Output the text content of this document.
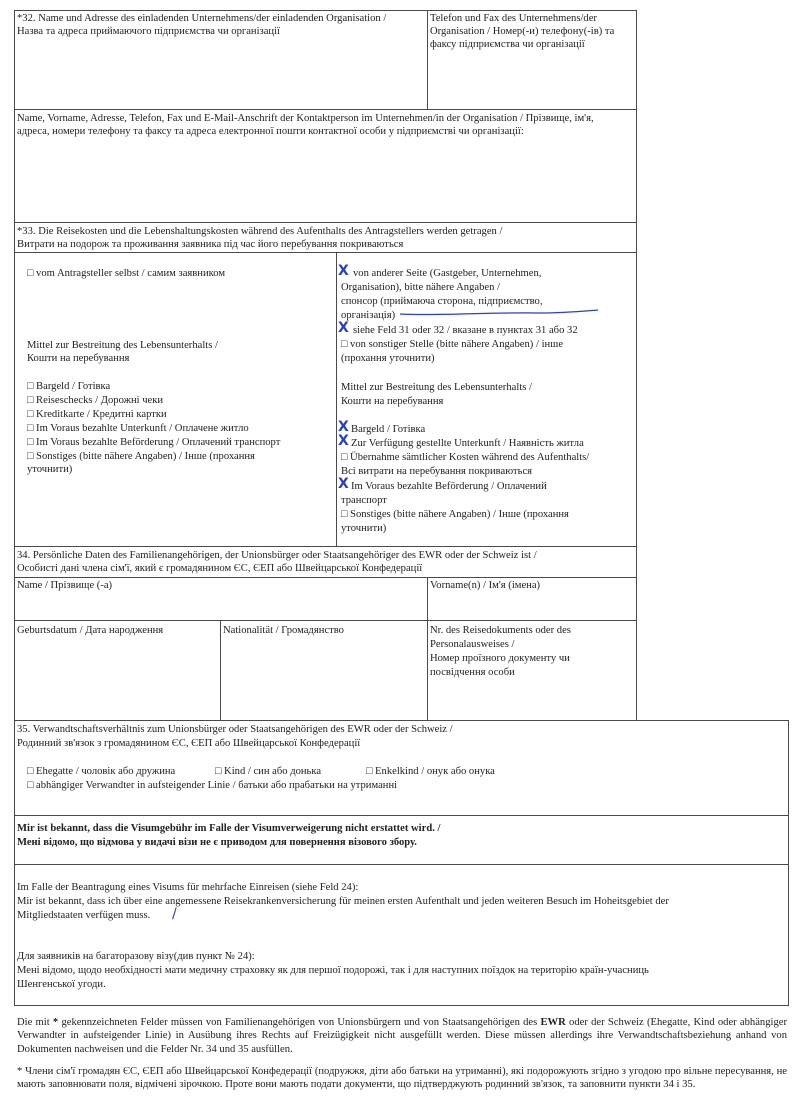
*32. Name und Adresse des einladenden Unternehmens/der einladenden Organisation / Назва та адреса приймаючого підприємства чи організації
Telefon und Fax des Unternehmens/der Organisation / Номер(-и) телефону(-ів) та факсу підприємства чи організації
Name, Vorname, Adresse, Telefon, Fax und E-Mail-Anschrift der Kontaktperson im Unternehmen/in der Organisation / Прізвище, ім'я, адреса, номери телефону та факсу та адреса електронної пошти контактної особи у підприємстві чи організації:
*33. Die Reisekosten und die Lebenshaltungskosten während des Aufenthalts des Antragstellers werden getragen /
Витрати на подорож та проживання заявника під час його перебування покриваються
□ vom Antragsteller selbst / самим заявником
Mittel zur Bestreitung des Lebensunterhalts /
Кошти на перебування
□ Bargeld / Готівка
□ Reiseschecks / Дорожні чеки
□ Kreditkarte / Кредитні картки
□ Im Voraus bezahlte Unterkunft / Оплачене житло
□ Im Voraus bezahlte Beförderung / Оплачений транспорт
□ Sonstiges (bitte nähere Angaben) / Інше (прохання
уточнити)
X von anderer Seite (Gastgeber, Unternehmen,
Organisation), bitte nähere Angaben /
спонсор (приймаюча сторона, підприємство,
організація)
X siehe Feld 31 oder 32 / вказане в пунктах 31 або 32
□ von sonstiger Stelle (bitte nähere Angaben) / інше
(прохання уточнити)
Mittel zur Bestreitung des Lebensunterhalts /
Кошти на перебування
X Bargeld / Готівка
X Zur Verfügung gestellte Unterkunft / Наявність житла
□ Übernahme sämtlicher Kosten während des Aufenthalts/
Всі витрати на перебування покриваються
X Im Voraus bezahlte Beförderung / Оплачений
транспорт
□ Sonstiges (bitte nähere Angaben) / Інше (прохання
уточнити)
34. Persönliche Daten des Familienangehörigen, der Unionsbürger oder Staatsangehöriger des EWR oder der Schweiz ist /
Особисті дані члена сім'ї, який є громадянином ЄС, ЄЕП або Швейцарської Конфедерації
Name / Прізвище (-а)	Vorname(n) / Ім'я (імена)
Geburtsdatum / Дата народження	Nationalität / Громадянство	Nr. des Reisedokuments oder des
Personalausweises /
Номер проїзного документу чи
посвідчення особи
35. Verwandtschaftsverhältnis zum Unionsbürger oder Staatsangehörigen des EWR oder der Schweiz /
Родинний зв'язок з громадянином ЄС, ЄЕП або Швейцарської Конфедерації
□ Ehegatte / чоловік або дружина	□ Kind / син або донька	□ Enkelkind / онук або онука
□ abhängiger Verwandter in aufsteigender Linie / батьки або прабатьки на утриманні
Mir ist bekannt, dass die Visumgebühr im Falle der Visumverweigerung nicht erstattet wird. /
Мені відомо, що відмова у видачі візи не є приводом для повернення візового збору.
Im Falle der Beantragung eines Visums für mehrfache Einreisen (siehe Feld 24):
Mir ist bekannt, dass ich über eine angemessene Reisekrankenversicherung für meinen ersten Aufenthalt und jeden weiteren Besuch im Hoheitsgebiet der
Mitgliedstaaten verfügen muss. /
Для заявників на багаторазову візу(див пункт № 24):
Мені відомо, щодо необхідності мати медичну страховку як для першої подорожі, так і для наступних поїздок на територію країн-учасниць
Шенгенської угоди.
Die mit * gekennzeichneten Felder müssen von Familienangehörigen von Unionsbürgern und von Staatsangehörigen des EWR oder der Schweiz (Ehegatte, Kind oder abhängiger Verwandter in aufsteigender Linie) in Ausübung ihres Rechts auf Freizügigkeit nicht ausgefüllt werden. Diese müssen allerdings ihre Verwandtschaftsbeziehung anhand von Dokumenten nachweisen und die Felder Nr. 34 und 35 ausfüllen.
* Члени сім'ї громадян ЄС, ЄЕП або Швейцарської Конфедерації (подружжя, діти або батьки на утриманні), які подорожують згідно з угодою про вільне пересування, не мають заповнювати поля, відмічені зірочкою. Проте вони мають подати документи, що підтверджують родинний зв'язок, та заповнити пункти 34 і 35.
